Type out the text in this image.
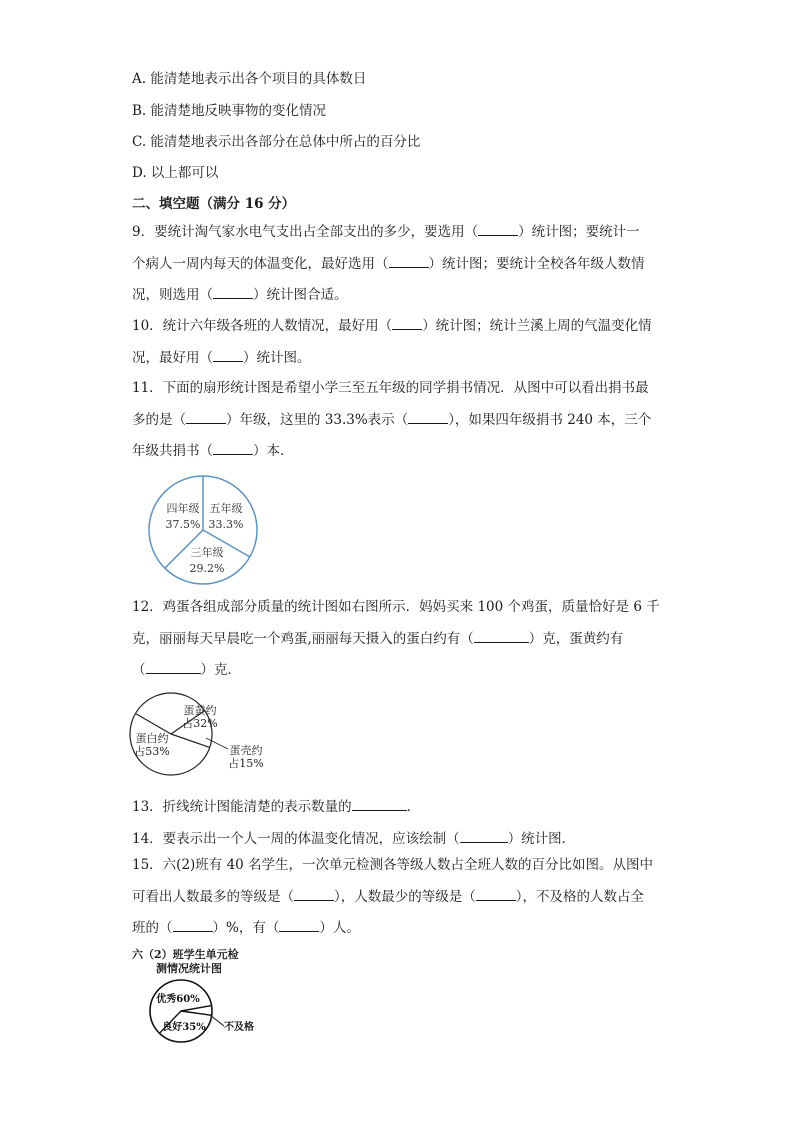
A. 能清楚地表示出各个项目的具体数日
B. 能清楚地反映事物的变化情况
C. 能清楚地表示出各部分在总体中所占的百分比
D. 以上都可以
二、填空题（满分 16 分）
9．要统计淘气家水电气支出占全部支出的多少，要选用（	）统计图；要统计一
个病人一周内每天的体温变化，最好选用（	）统计图；要统计全校各年级人数情
况，则选用（	）统计图合适。
10．统计六年级各班的人数情况，最好用（ ）统计图；统计兰溪上周的气温变化情
况，最好用（ ）统计图。
11．下面的扇形统计图是希望小学三至五年级的同学捐书情况．从图中可以看出捐书最
多的是（	）年级，这里的 33.3%表示（	），如果四年级捐书 240 本，三个
年级共捐书（	）本．
四年级
37.5%
五年级
33.3%
三年级
29.2%
12．鸡蛋各组成部分质量的统计图如右图所示．妈妈买来 100 个鸡蛋，质量恰好是 6 千
克，丽丽每天早晨吃一个鸡蛋,丽丽每天摄入的蛋白约有（	）克，蛋黄约有
（	）克．
蛋黄约
占32%
蛋白约
占53%	蛋壳约
占15%
13．折线统计图能清楚的表示数量的	．
14．要表示出一个人一周的体温变化情况，应该绘制（	）统计图．
15．六(2)班有 40 名学生，一次单元检测各等级人数占全班人数的百分比如图。从图中
可看出人数最多的等级是（	），人数最少的等级是（	），不及格的人数占全
班的（	）%，有（	）人。
六（2）班学生单元检
测情况统计图
优秀60%
良好35% 不及格
